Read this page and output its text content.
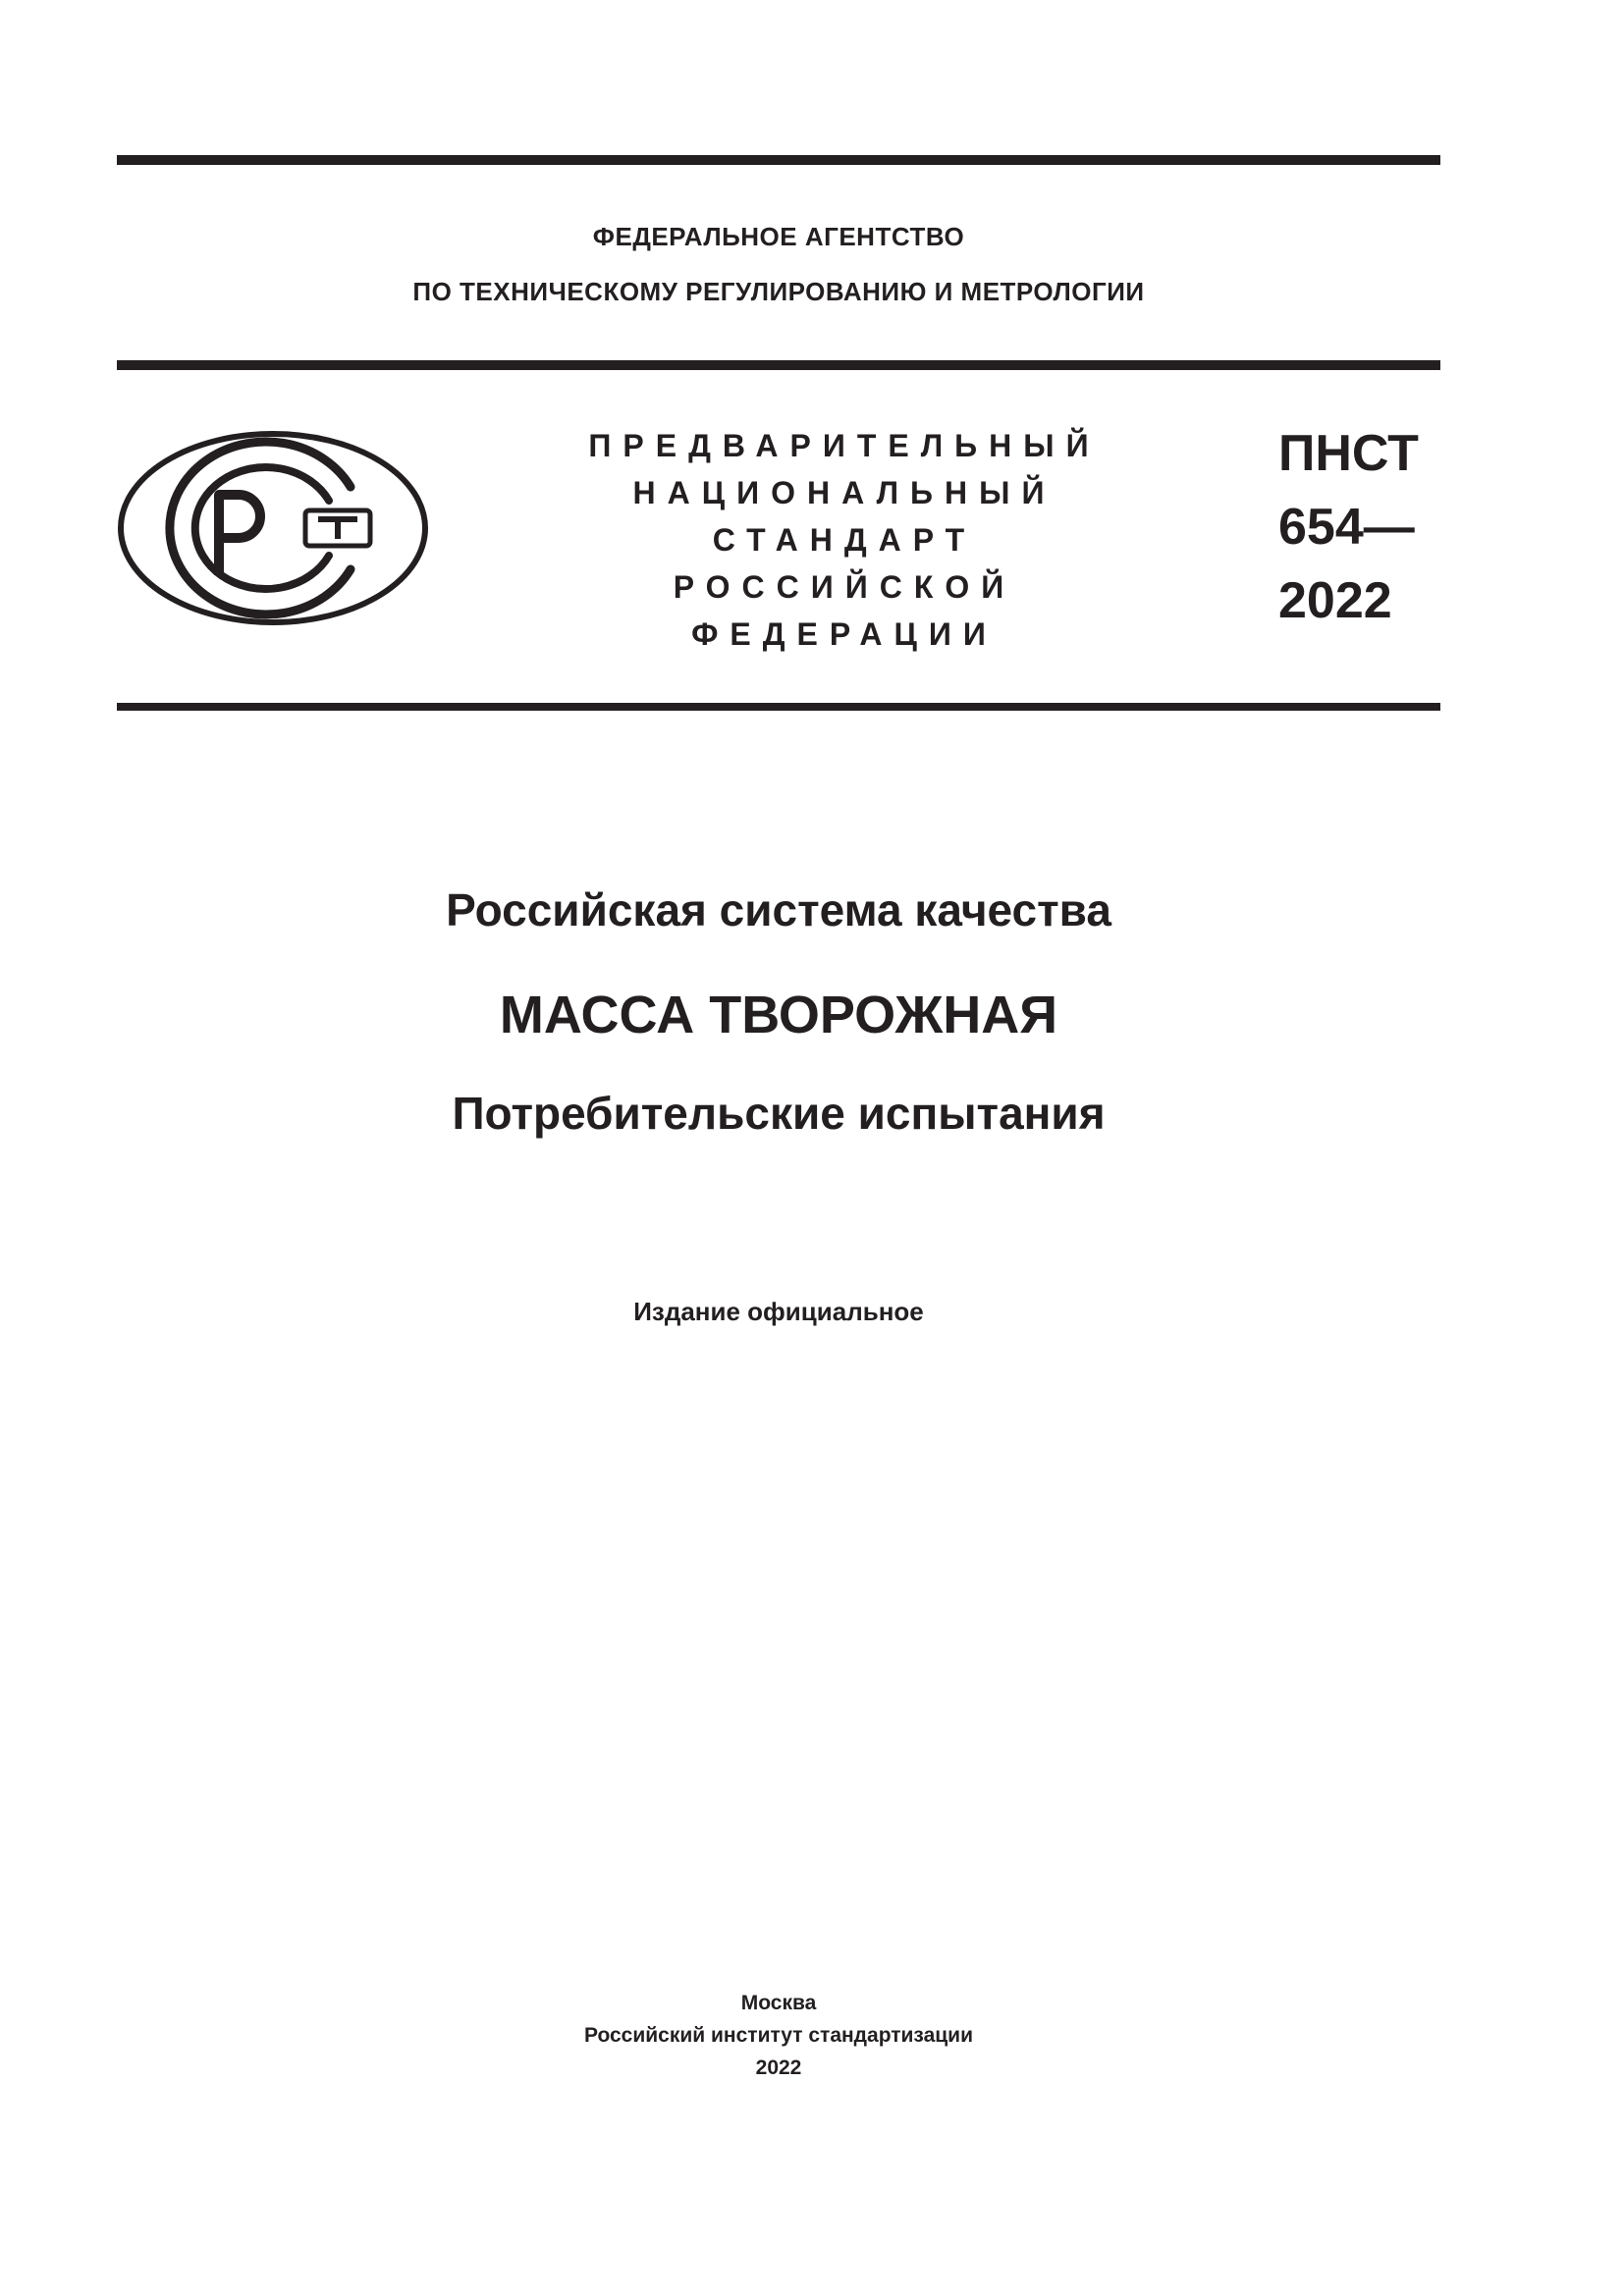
ФЕДЕРАЛЬНОЕ АГЕНТСТВО
ПО ТЕХНИЧЕСКОМУ РЕГУЛИРОВАНИЮ И МЕТРОЛОГИИ
ПРЕДВАРИТЕЛЬНЫЙ
НАЦИОНАЛЬНЫЙ
СТАНДАРТ
РОССИЙСКОЙ
ФЕДЕРАЦИИ
ПНСТ
654—
2022
Российская система качества
МАССА ТВОРОЖНАЯ
Потребительские испытания
Издание официальное
Москва
Российский институт стандартизации
2022
